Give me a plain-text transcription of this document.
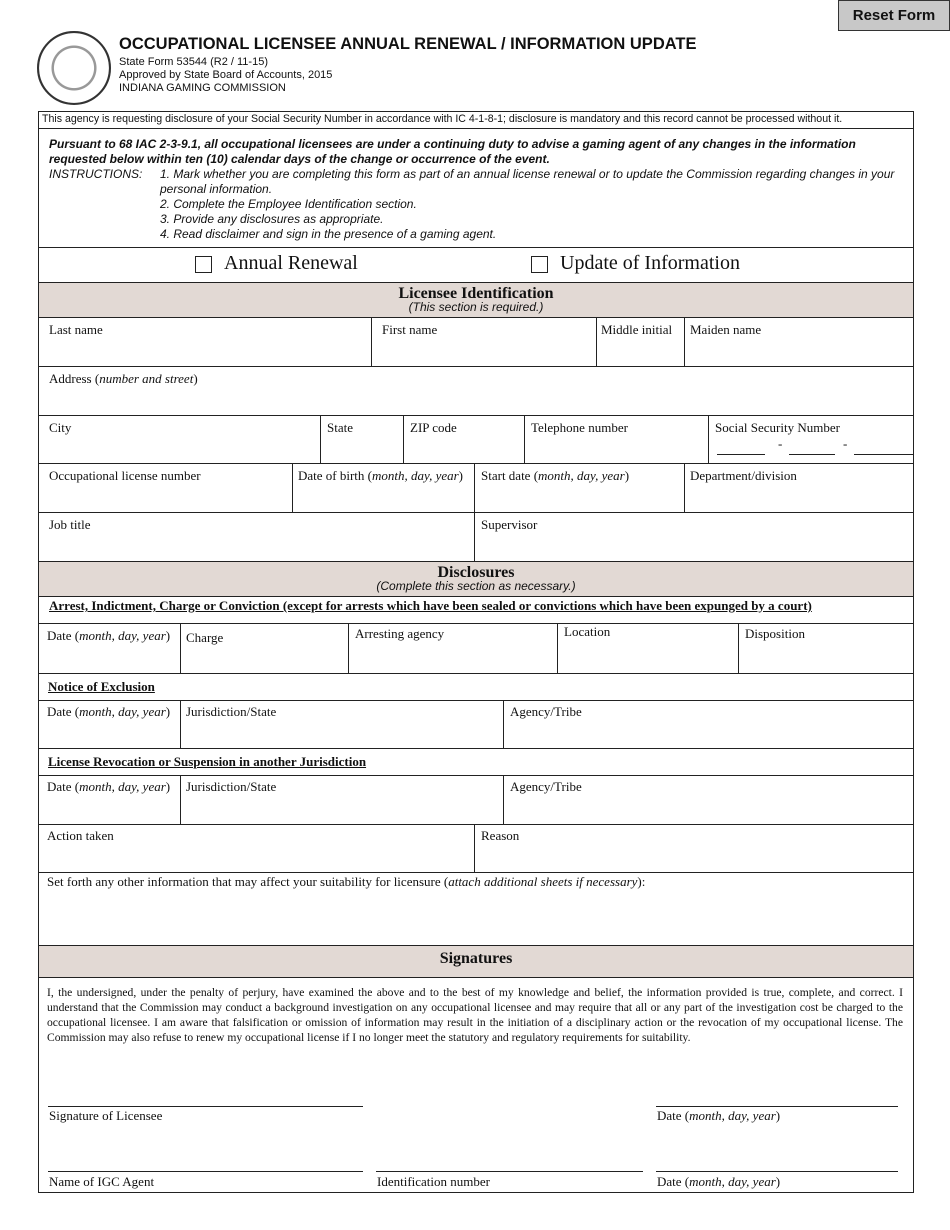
Reset Form
OCCUPATIONAL LICENSEE ANNUAL RENEWAL / INFORMATION UPDATE
State Form 53544 (R2 / 11-15)
Approved by State Board of Accounts, 2015
INDIANA GAMING COMMISSION
This agency is requesting disclosure of your Social Security Number in accordance with IC 4-1-8-1; disclosure is mandatory and this record cannot be processed without it.
Pursuant to 68 IAC 2-3-9.1, all occupational licensees are under a continuing duty to advise a gaming agent of any changes in the information requested below within ten (10) calendar days of the change or occurrence of the event.
INSTRUCTIONS:	1. Mark whether you are completing this form as part of an annual license renewal or to update the Commission regarding changes in your personal information.
2. Complete the Employee Identification section.
3. Provide any disclosures as appropriate.
4. Read disclaimer and sign in the presence of a gaming agent.
Annual Renewal	Update of Information
Licensee Identification
(This section is required.)
Last name	First name	Middle initial	Maiden name
Address (number and street)
City	State	ZIP code	Telephone number	Social Security Number
-	-
Occupational license number	Date of birth (month, day, year)	Start date (month, day, year)	Department/division
Job title	Supervisor
Disclosures
(Complete this section as necessary.)
Arrest, Indictment, Charge or Conviction (except for arrests which have been sealed or convictions which have been expunged by a court)
Date (month, day, year)	Charge	Arresting agency	Location	Disposition
Notice of Exclusion
Date (month, day, year)	Jurisdiction/State	Agency/Tribe
License Revocation or Suspension in another Jurisdiction
Date (month, day, year)	Jurisdiction/State	Agency/Tribe
Action taken	Reason
Set forth any other information that may affect your suitability for licensure (attach additional sheets if necessary):
Signatures
I, the undersigned, under the penalty of perjury, have examined the above and to the best of my knowledge and belief, the information provided is true, complete, and correct. I understand that the Commission may conduct a background investigation on any occupational licensee and may require that all or any part of the investigation cost be charged to the occupational licensee. I am aware that falsification or omission of information may result in the initiation of a disciplinary action or the revocation of my occupational license. The Commission may also refuse to renew my occupational license if I no longer meet the statutory and regulatory requirements for suitability.
Signature of Licensee	Date (month, day, year)
Name of IGC Agent	Identification number	Date (month, day, year)
